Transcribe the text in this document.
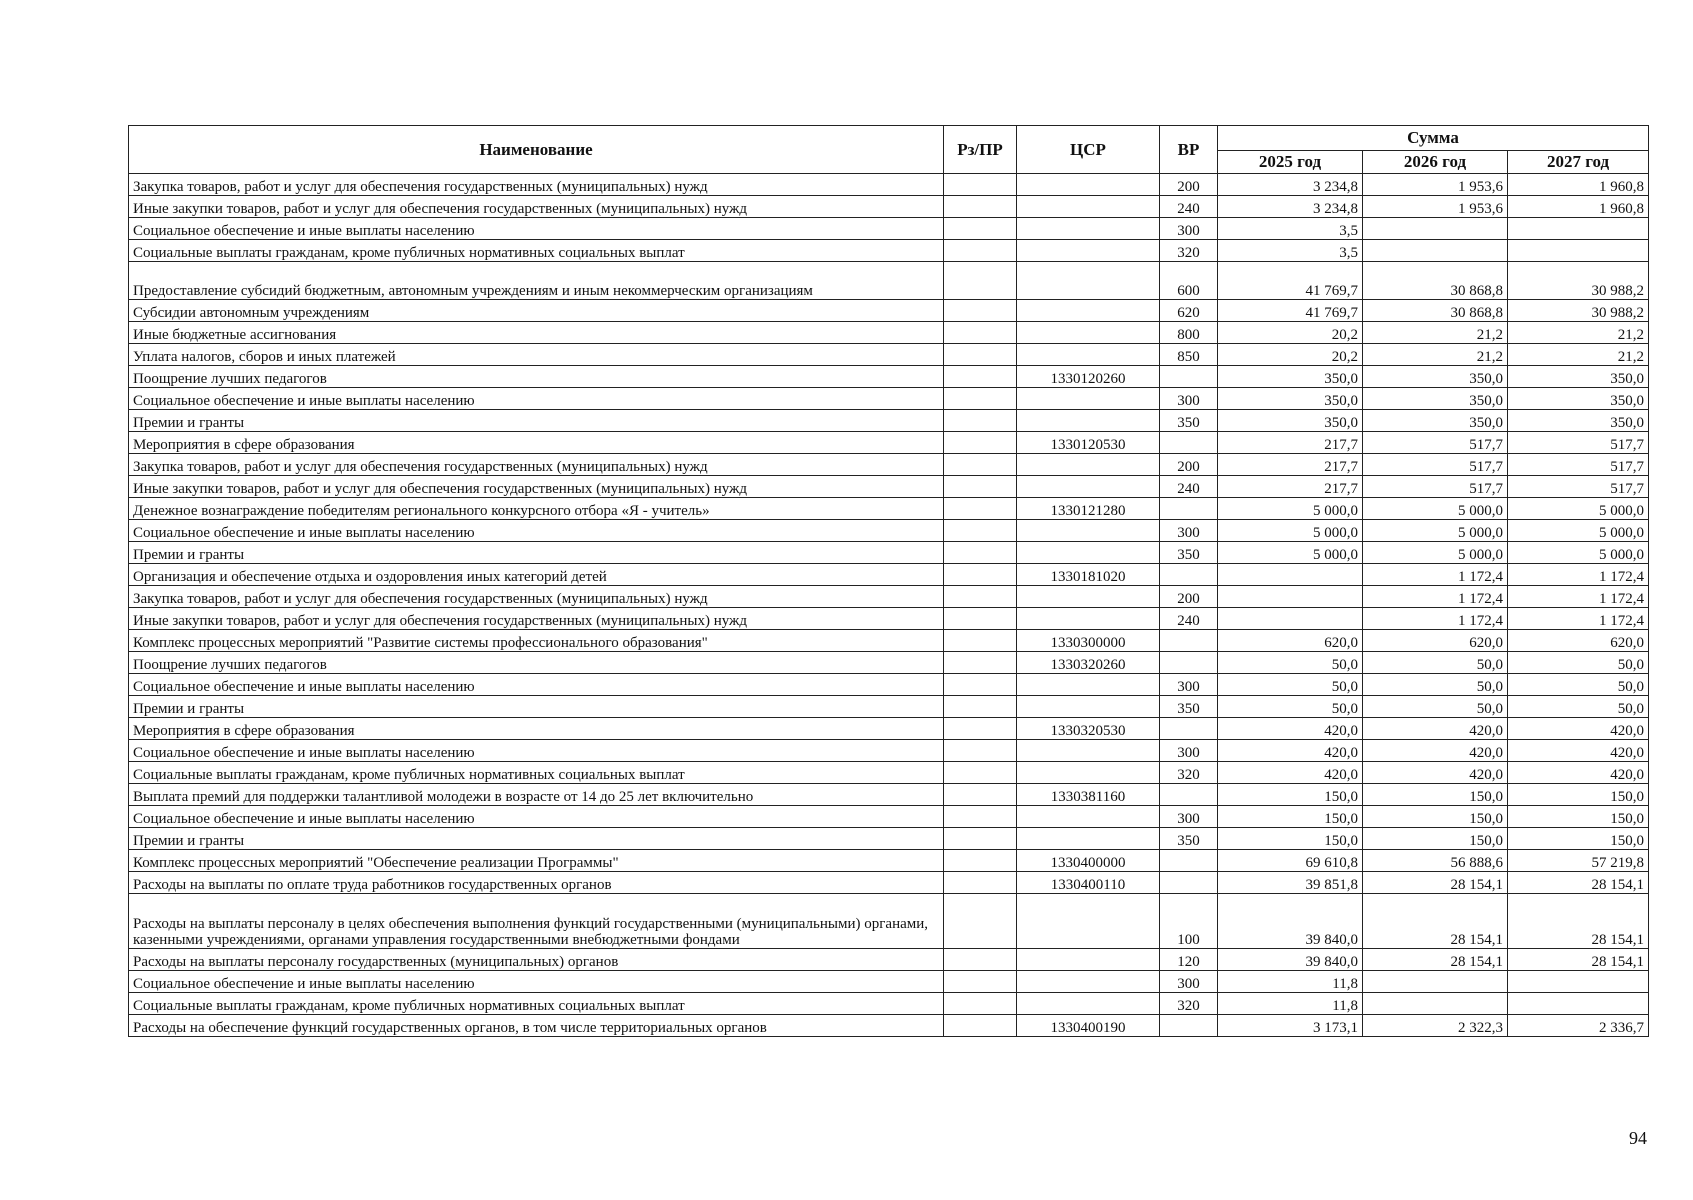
Наименование	Рз/ПР	ЦСР	ВР	Сумма		
				2025 год	2026 год	2027 год
Закупка товаров, работ и услуг для обеспечения государственных (муниципальных) нужд			200	3 234,8	1 953,6	1 960,8
Иные закупки товаров, работ и услуг для обеспечения государственных (муниципальных) нужд			240	3 234,8	1 953,6	1 960,8
Социальное обеспечение и иные выплаты населению			300	3,5		
Социальные выплаты гражданам, кроме публичных нормативных социальных выплат			320	3,5		
Предоставление субсидий бюджетным, автономным учреждениям и иным некоммерческим организациям			600	41 769,7	30 868,8	30 988,2
Субсидии автономным учреждениям			620	41 769,7	30 868,8	30 988,2
Иные бюджетные ассигнования			800	20,2	21,2	21,2
Уплата налогов, сборов и иных платежей			850	20,2	21,2	21,2
Поощрение лучших педагогов		1330120260		350,0	350,0	350,0
Социальное обеспечение и иные выплаты населению			300	350,0	350,0	350,0
Премии и гранты			350	350,0	350,0	350,0
Мероприятия в сфере образования		1330120530		217,7	517,7	517,7
Закупка товаров, работ и услуг для обеспечения государственных (муниципальных) нужд			200	217,7	517,7	517,7
Иные закупки товаров, работ и услуг для обеспечения государственных (муниципальных) нужд			240	217,7	517,7	517,7
Денежное вознаграждение победителям регионального конкурсного отбора «Я - учитель»		1330121280		5 000,0	5 000,0	5 000,0
Социальное обеспечение и иные выплаты населению			300	5 000,0	5 000,0	5 000,0
Премии и гранты			350	5 000,0	5 000,0	5 000,0
Организация и обеспечение отдыха и оздоровления иных категорий детей		1330181020			1 172,4	1 172,4
Закупка товаров, работ и услуг для обеспечения государственных (муниципальных) нужд			200		1 172,4	1 172,4
Иные закупки товаров, работ и услуг для обеспечения государственных (муниципальных) нужд			240		1 172,4	1 172,4
Комплекс процессных мероприятий "Развитие системы профессионального образования"		1330300000		620,0	620,0	620,0
Поощрение лучших педагогов		1330320260		50,0	50,0	50,0
Социальное обеспечение и иные выплаты населению			300	50,0	50,0	50,0
Премии и гранты			350	50,0	50,0	50,0
Мероприятия в сфере образования		1330320530		420,0	420,0	420,0
Социальное обеспечение и иные выплаты населению			300	420,0	420,0	420,0
Социальные выплаты гражданам, кроме публичных нормативных социальных выплат			320	420,0	420,0	420,0
Выплата премий для поддержки талантливой молодежи в возрасте от 14 до 25 лет включительно		1330381160		150,0	150,0	150,0
Социальное обеспечение и иные выплаты населению			300	150,0	150,0	150,0
Премии и гранты			350	150,0	150,0	150,0
Комплекс процессных мероприятий "Обеспечение реализации Программы"		1330400000		69 610,8	56 888,6	57 219,8
Расходы на выплаты по оплате труда работников государственных органов		1330400110		39 851,8	28 154,1	28 154,1
Расходы на выплаты персоналу в целях обеспечения выполнения функций государственными (муниципальными) органами, казенными учреждениями, органами управления государственными внебюджетными фондами			100	39 840,0	28 154,1	28 154,1
Расходы на выплаты персоналу государственных (муниципальных) органов			120	39 840,0	28 154,1	28 154,1
Социальное обеспечение и иные выплаты населению			300	11,8		
Социальные выплаты гражданам, кроме публичных нормативных социальных выплат			320	11,8		
Расходы на обеспечение функций государственных органов, в том числе территориальных органов		1330400190		3 173,1	2 322,3	2 336,7
94
